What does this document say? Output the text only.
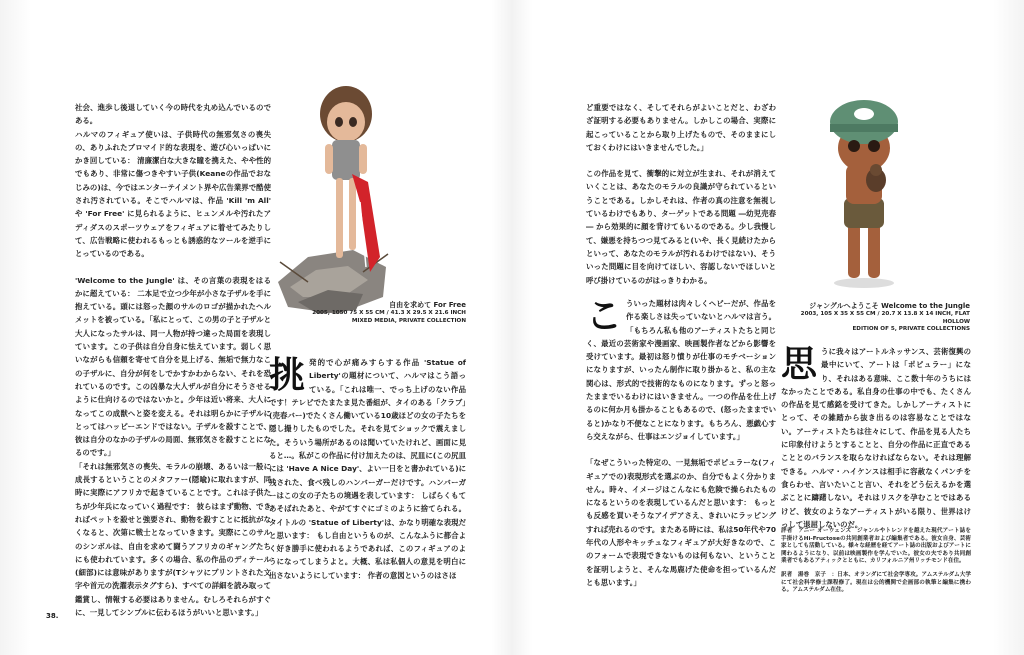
社会、進歩し後退していく今の時代を丸め込んでいるのである。

ハルマのフィギュア使いは、子供時代の無邪気さの喪失の、ありふれたブロマイド的な表現を、遊び心いっぱいにかき回している： 清廉潔白な大きな瞳を携えた、やや性的でもあり、非常に傷つきやすい子供(Keaneの作品でおなじみの)は、今ではエンターテイメント界や広告業界で酷使され汚されている。そこでハルマは、作品 'Kill 'm All' や 'For Free' に見られるように、ヒュンメルや汚れたアディダスのスポーツウェアをフィギュアに着せてみたりして、広告戦略に使われるもっとも誘惑的なツールを逆手にとっているのである。

'Welcome to the Jungle' は、その言葉の表現をはるかに超えている： 二本足で立つ少年が小さな子ザルを手に抱えている。頭には怒った顔のサルのロゴが描かれたヘルメットを被っている。「私にとって、この男の子と子ザルと大人になったサルは、同一人物が持つ違った局面を表現しています。この子供は自分自身に怯えています。弱しく思いながらも信頼を寄せて自分を見上げる、無垢で無力なこの子ザルに、自分が何をしでかすかわからない、それを恐れているのです。この凶暴な大人ザルが自分にそうさせるように仕向けるのではないかと。少年は近い将来、大人になってこの成獣へと姿を変える。それは明らかに子ザルにとってはハッピーエンドではない。子ザルを殺すことで、彼は自分のなかの子ザルの局面、無邪気さを殺すことになるのです。」

「それは無邪気さの喪失、モラルの崩壊、あるいは一般に成長するということのメタファー(隠喩)に取れますが、同時に実際にアフリカで起きていることです。これは子供たちが少年兵になっていく過程です： 彼らはまず動物、できればペットを殺せと強要され、動物を殺すことに抵抗がなくなると、次第に戦士となっていきます。実際にこのサルのシンボルは、自由を求めて闘うアフリカのギャングたちにも使われています。多くの場合、私の作品のディテール(細部)には意味がありますが(Tシャツにプリントされた文字や首元の洗濯表示タグすら)、すべての詳細を読み取って鑑賞し、情報する必要はありません。むしろそれらがすぐに、一見してシンプルに伝わるほうがいいと思います。」

自由を求めて For Free
2005, 1050 75 X 55 CM / 41.3 X 29.5 X 21.6 INCH
MIXED MEDIA, PRIVATE COLLECTION
挑 発的で心が痛みすらする作品 'Statue of Liberty'の題材について、ハルマはこう語っている。「これは唯一、でっち上げのない作品です！テレビでたまたま見た番組が、タイのある「クラブ」(売春バー)でたくさん働いている10歳ほどの女の子たちを隠し撮りしたものでした。それを見てショックで震えました。そういう場所があるのは聞いていたけれど、画面に見ると…。私がこの作品に付け加えたのは、尻皿に(この尻皿には 'Have A Nice Day'、よい一日をと書かれている)に残された、食べ残しのハンバーガーだけです。ハンバーガーはこの女の子たちの境遇を表しています： しばらくもてあそばれたあと、やがてすぐにゴミのように捨てられる。タイトルの 'Statue of Liberty'は、かなり明確な表現だと思います： もし自由というものが、こんなふうに都合よく好き勝手に使われるようであれば、このフィギュアのようになってしまうよと。大概、私は私個人の意見を明白に出さないようにしています： 作者の意図というのはさほ

ど重要ではなく、そしてそれらがよいことだと、わざわざ証明する必要もありません。しかしこの場合、実際に起こっていることから取り上げたもので、そのままにしておくわけにはいきませんでした。」

この作品を見て、衝撃的に対立が生まれ、それが消えていくことは、あなたのモラルの良識が守られているということである。しかしそれは、作者の真の注意を無視しているわけでもあり、ターゲットである問題 ―幼児売春― から効果的に顔を背けてもいるのである。少し我慢して、嫌悪を持ちつつ見てみると(いや、長く見続けたからといって、あなたのモラルが汚れるわけではない)、そういった問題に目を向けてほしい、容認しないでほしいと呼び掛けているのがはっきりわかる。

こ ういった題材は肉々しくヘビーだが、作品を作る楽しさは失っていないとハルマは言う。「もちろん私も他のアーティストたちと同じく、最近の芸術家や漫画家、映画製作者などから影響を受けています。最初は怒り憤りが仕事のモチベーションになりますが、いったん制作に取り掛かると、私の主な関心は、形式的で技術的なものになります。ずっと怒ったままでいるわけにはいきません。一つの作品を仕上げるのに何か月も掛かることもあるので、(怒ったままでいると)かなり不便なことになります。もちろん、悪戯心すら交えながら、仕事はエンジョイしています。」

「なぜこういった特定の、一見無垢でポピュラーな(フィギュアでの)表現形式を選ぶのか、自分でもよく分かりません。時々、イメージはこんなにも危険で操られたものになるというのを表現しているんだと思います： もっとも反感を買いそうなアイデアさえ、きれいにラッピングすれば売れるのです。またある時には、私は50年代や70年代の人形やキッチュなフィギュアが大好きなので、このフォームで表現できないものは何もない、ということを証明しようと、そんな馬鹿げた使命を担っているんだとも思います。」

ジャングルへようこそ Welcome to the Jungle
2003, 105 X 35 X 55 CM / 20.7 X 13.8 X 14 INCH, FLAT HOLLOW
EDITION OF 5, PRIVATE COLLECTIONS
思 うに我々はアートルネッサンス、芸術復興の最中にいて、アートは「ポピュラー」になり、それはある意味、ここ数十年のうちにはなかったことである。私自身の仕事の中でも、たくさんの作品を見て感銘を受けてきた。しかしアーティストにとって、その雑踏から抜き出るのは容易なことではない。アーティストたちは往々にして、作品を見る人たちに印象付けようとすることと、自分の作品に正直であることとのバランスを取らなければならない。それは理解できる。ハルマ・ハイケンスは相手に容赦なくパンチを食らわせ、言いたいこと言い、それをどう伝えるかを選ぶことに躊躇しない。それはリスクを孕むことではあるけど、彼女のようなアーティストがいる限り、世界はけっして退屈しないのだ。

評者　アニー オーウェンズ　ジャンルやトレンドを越えた現代アート誌を手掛けるHi-Fructoseの共同創業者および編集者である。彼女自身、芸術家としても活動している。様々な経歴を経てアート誌の出版およびアートに関わるようになり、以前は映画製作を学んでいた。彼女の夫であり共同創業者でもあるアティックとともに、カリフォルニア州リッチモンド在住。

訳者　湯巻　京子　：日本、オランダにて社会学専攻。アムステルダム大学にて社会科学修士課程修了。現在は公的機関で企画部の執筆と編集に携わる。アムステルダム在住。

38.
